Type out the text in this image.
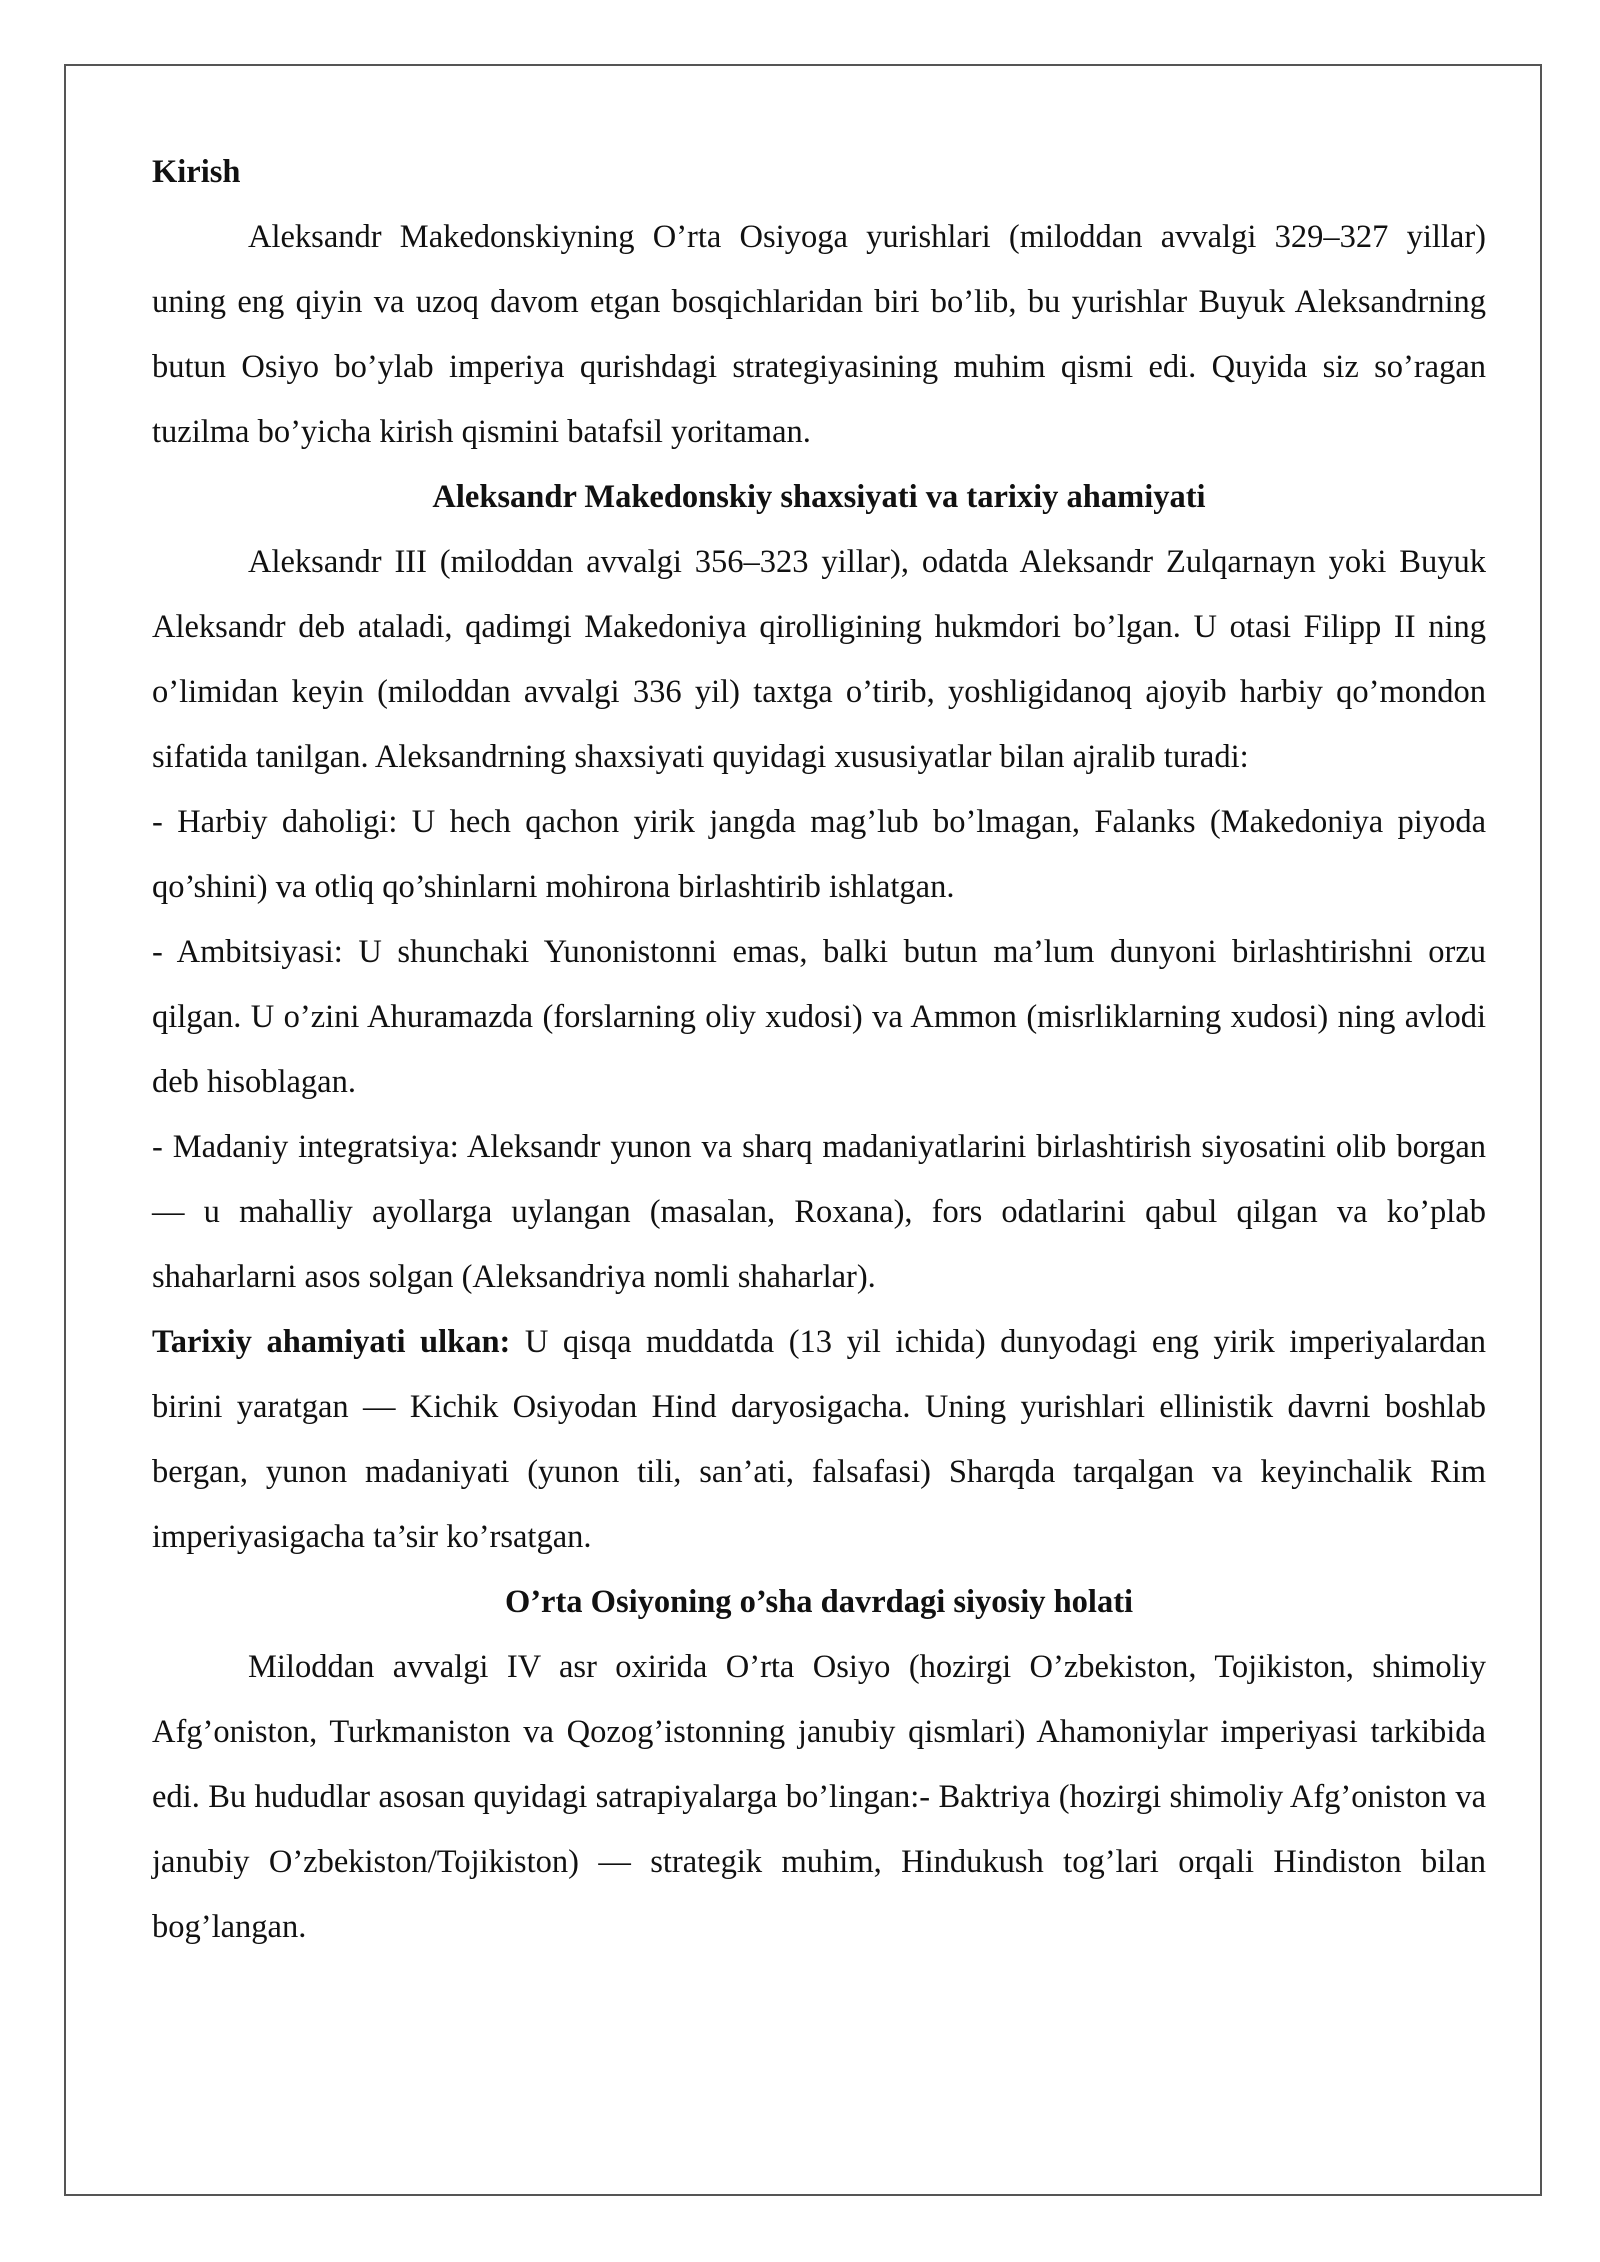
Kirish

Aleksandr Makedonskiyning O’rta Osiyoga yurishlari (miloddan avvalgi 329–327 yillar) uning eng qiyin va uzoq davom etgan bosqichlaridan biri bo’lib, bu yurishlar Buyuk Aleksandrning butun Osiyo bo’ylab imperiya qurishdagi strategiyasining muhim qismi edi. Quyida siz so’ragan tuzilma bo’yicha kirish qismini batafsil yoritaman.

Aleksandr Makedonskiy shaxsiyati va tarixiy ahamiyati

Aleksandr III (miloddan avvalgi 356–323 yillar), odatda Aleksandr Zulqarnayn yoki Buyuk Aleksandr deb ataladi, qadimgi Makedoniya qirolligining hukmdori bo’lgan. U otasi Filipp II ning o’limidan keyin (miloddan avvalgi 336 yil) taxtga o’tirib, yoshligidanoq ajoyib harbiy qo’mondon sifatida tanilgan. Aleksandrning shaxsiyati quyidagi xususiyatlar bilan ajralib turadi:

- Harbiy daholigi: U hech qachon yirik jangda mag’lub bo’lmagan, Falanks (Makedoniya piyoda qo’shini) va otliq qo’shinlarni mohirona birlashtirib ishlatgan.

- Ambitsiyasi: U shunchaki Yunonistonni emas, balki butun ma’lum dunyoni birlashtirishni orzu qilgan. U o’zini Ahuramazda (forslarning oliy xudosi) va Ammon (misrliklarning xudosi) ning avlodi deb hisoblagan.

- Madaniy integratsiya: Aleksandr yunon va sharq madaniyatlarini birlashtirish siyosatini olib borgan — u mahalliy ayollarga uylangan (masalan, Roxana), fors odatlarini qabul qilgan va ko’plab shaharlarni asos solgan (Aleksandriya nomli shaharlar).

Tarixiy ahamiyati ulkan: U qisqa muddatda (13 yil ichida) dunyodagi eng yirik imperiyalardan birini yaratgan — Kichik Osiyodan Hind daryosigacha. Uning yurishlari ellinistik davrni boshlab bergan, yunon madaniyati (yunon tili, san’ati, falsafasi) Sharqda tarqalgan va keyinchalik Rim imperiyasigacha ta’sir ko’rsatgan.

O’rta Osiyoning o’sha davrdagi siyosiy holati

Miloddan avvalgi IV asr oxirida O’rta Osiyo (hozirgi O’zbekiston, Tojikiston, shimoliy Afg’oniston, Turkmaniston va Qozog’istonning janubiy qismlari) Ahamoniylar imperiyasi tarkibida edi. Bu hududlar asosan quyidagi satrapiyalarga bo’lingan:- Baktriya (hozirgi shimoliy Afg’oniston va janubiy O’zbekiston/Tojikiston) — strategik muhim, Hindukush tog’lari orqali Hindiston bilan bog’langan.
